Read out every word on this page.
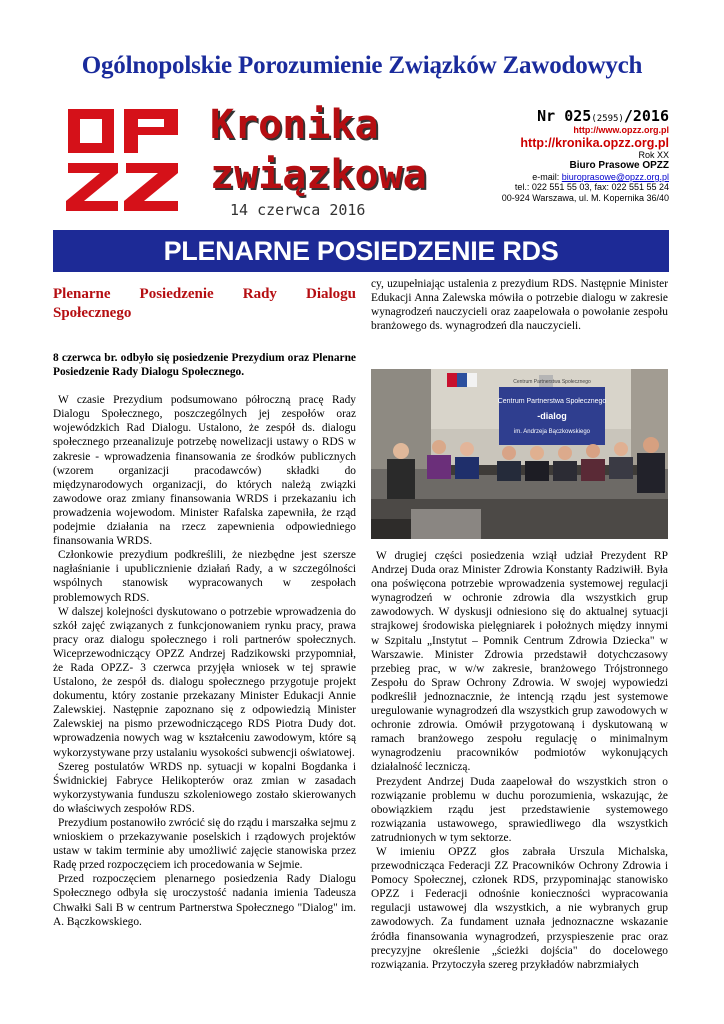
Ogólnopolskie Porozumienie Związków Zawodowych
Kronika
związkowa
14 czerwca 2016
Nr 025(2595)/2016
http://www.opzz.org.pl
http://kronika.opzz.org.pl
Rok XX
Biuro Prasowe OPZZ
e-mail: biuroprasowe@opzz.org.pl
tel.: 022 551 55 03, fax: 022 551 55 24
00-924 Warszawa, ul. M. Kopernika 36/40
PLENARNE POSIEDZENIE RDS
Plenarne Posiedzenie Rady Dialogu Społecznego
8 czerwca br. odbyło się posiedzenie Prezydium oraz Plenarne Posiedzenie Rady Dialogu Społecznego.

W czasie Prezydium podsumowano półroczną pracę Rady Dialogu Społecznego, poszczególnych jej zespołów oraz wojewódzkich Rad Dialogu. Ustalono, że zespół ds. dialogu społecznego przeanalizuje potrzebę nowelizacji ustawy o RDS w zakresie - wprowadzenia finansowania ze środków publicznych (wzorem organizacji pracodawców) składki do międzynarodowych organizacji, do których należą związki zawodowe oraz zmiany finansowania WRDS i przekazaniu ich prowadzenia wojewodom. Minister Rafalska zapewniła, że rząd podejmie działania na rzecz zapewnienia odpowiedniego finansowania WRDS.

Członkowie prezydium podkreślili, że niezbędne jest szersze nagłaśnianie i upublicznienie działań Rady, a w szczególności wspólnych stanowisk wypracowanych w zespołach problemowych RDS.

W dalszej kolejności dyskutowano o potrzebie wprowadzenia do szkół zajęć związanych z funkcjonowaniem rynku pracy, prawa pracy oraz dialogu społecznego i roli partnerów społecznych. Wiceprzewodniczący OPZZ Andrzej Radzikowski przypomniał, że Rada OPZZ- 3 czerwca przyjęła wniosek w tej sprawie Ustalono, że zespół ds. dialogu społecznego przygotuje projekt dokumentu, który zostanie przekazany Minister Edukacji Annie Zalewskiej. Następnie zapoznano się z odpowiedzią Minister Zalewskiej na pismo przewodniczącego RDS Piotra Dudy dot. wprowadzenia nowych wag w kształceniu zawodowym, które są wykorzystywane przy ustalaniu wysokości subwencji oświatowej.

Szereg postulatów WRDS np. sytuacji w kopalni Bogdanka i Świdnickiej Fabryce Helikopterów oraz zmian w zasadach wykorzystywania funduszu szkoleniowego zostało skierowanych do właściwych zespołów RDS.

Prezydium postanowiło zwrócić się do rządu i marszałka sejmu z wnioskiem o przekazywanie poselskich i rządowych projektów ustaw w takim terminie aby umożliwić zajęcie stanowiska przez Radę przed rozpoczęciem ich procedowania w Sejmie.

Przed rozpoczęciem plenarnego posiedzenia Rady Dialogu Społecznego odbyła się uroczystość nadania imienia Tadeusza Chwałki Sali B w centrum Partnerstwa Społecznego "Dialog" im. A. Bączkowskiego.

cy, uzupełniając ustalenia z prezydium RDS. Następnie Minister Edukacji Anna Zalewska mówiła o potrzebie dialogu w zakresie wynagrodzeń nauczycieli oraz zaapelowała o powołanie zespołu branżowego ds. wynagrodzeń dla nauczycieli.

Centrum Partnerstwa Społecznego
-dialog
im. Andrzeja Bączkowskiego
Centrum Partnerstwa Społecznego

W drugiej części posiedzenia wziął udział Prezydent RP Andrzej Duda oraz Minister Zdrowia Konstanty Radziwiłł. Była ona poświęcona potrzebie wprowadzenia systemowej regulacji wynagrodzeń w ochronie zdrowia dla wszystkich grup zawodowych. W dyskusji odniesiono się do aktualnej sytuacji strajkowej środowiska pielęgniarek i położnych między innymi w Szpitalu „Instytut – Pomnik Centrum Zdrowia Dziecka" w Warszawie. Minister Zdrowia przedstawił dotychczasowy przebieg prac, w w/w zakresie, branżowego Trójstronnego Zespołu do Spraw Ochrony Zdrowia. W swojej wypowiedzi podkreślił jednoznacznie, że intencją rządu jest systemowe uregulowanie wynagrodzeń dla wszystkich grup zawodowych w ochronie zdrowia. Omówił przygotowaną i dyskutowaną w ramach branżowego zespołu regulację o minimalnym wynagrodzeniu pracowników podmiotów wykonujących działalność leczniczą.

Prezydent Andrzej Duda zaapelował do wszystkich stron o rozwiązanie problemu w duchu porozumienia, wskazując, że obowiązkiem rządu jest przedstawienie systemowego rozwiązania ustawowego, sprawiedliwego dla wszystkich zatrudnionych w tym sektorze.

W imieniu OPZZ głos zabrała Urszula Michalska, przewodnicząca Federacji ZZ Pracowników Ochrony Zdrowia i Pomocy Społecznej, członek RDS, przypominając stanowisko OPZZ i Federacji odnośnie konieczności wypracowania regulacji ustawowej dla wszystkich, a nie wybranych grup zawodowych. Za fundament uznała jednoznaczne wskazanie źródła finansowania wynagrodzeń, przyspieszenie prac oraz precyzyjne określenie „ścieżki dojścia" do docelowego rozwiązania. Przytoczyła szereg przykładów nabrzmiałych
